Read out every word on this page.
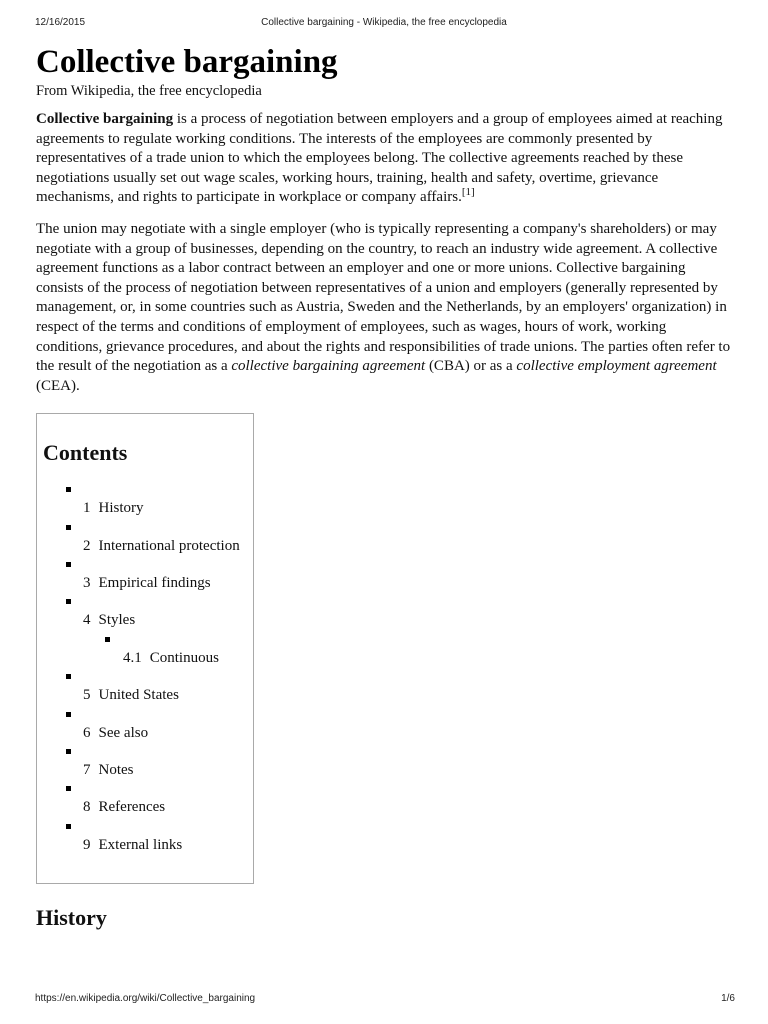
12/16/2015	Collective bargaining - Wikipedia, the free encyclopedia
Collective bargaining
From Wikipedia, the free encyclopedia

Collective bargaining is a process of negotiation between employers and a group of employees aimed at reaching agreements to regulate working conditions. The interests of the employees are commonly presented by representatives of a trade union to which the employees belong. The collective agreements reached by these negotiations usually set out wage scales, working hours, training, health and safety, overtime, grievance mechanisms, and rights to participate in workplace or company affairs.[1]

The union may negotiate with a single employer (who is typically representing a company's shareholders) or may negotiate with a group of businesses, depending on the country, to reach an industry wide agreement. A collective agreement functions as a labor contract between an employer and one or more unions. Collective bargaining consists of the process of negotiation between representatives of a union and employers (generally represented by management, or, in some countries such as Austria, Sweden and the Netherlands, by an employers' organization) in respect of the terms and conditions of employment of employees, such as wages, hours of work, working conditions, grievance procedures, and about the rights and responsibilities of trade unions. The parties often refer to the result of the negotiation as a collective bargaining agreement (CBA) or as a collective employment agreement (CEA).

Contents
1 History
2 International protection
3 Empirical findings
4 Styles
4.1 Continuous
5 United States
6 See also
7 Notes
8 References
9 External links
History
https://en.wikipedia.org/wiki/Collective_bargaining	1/6
